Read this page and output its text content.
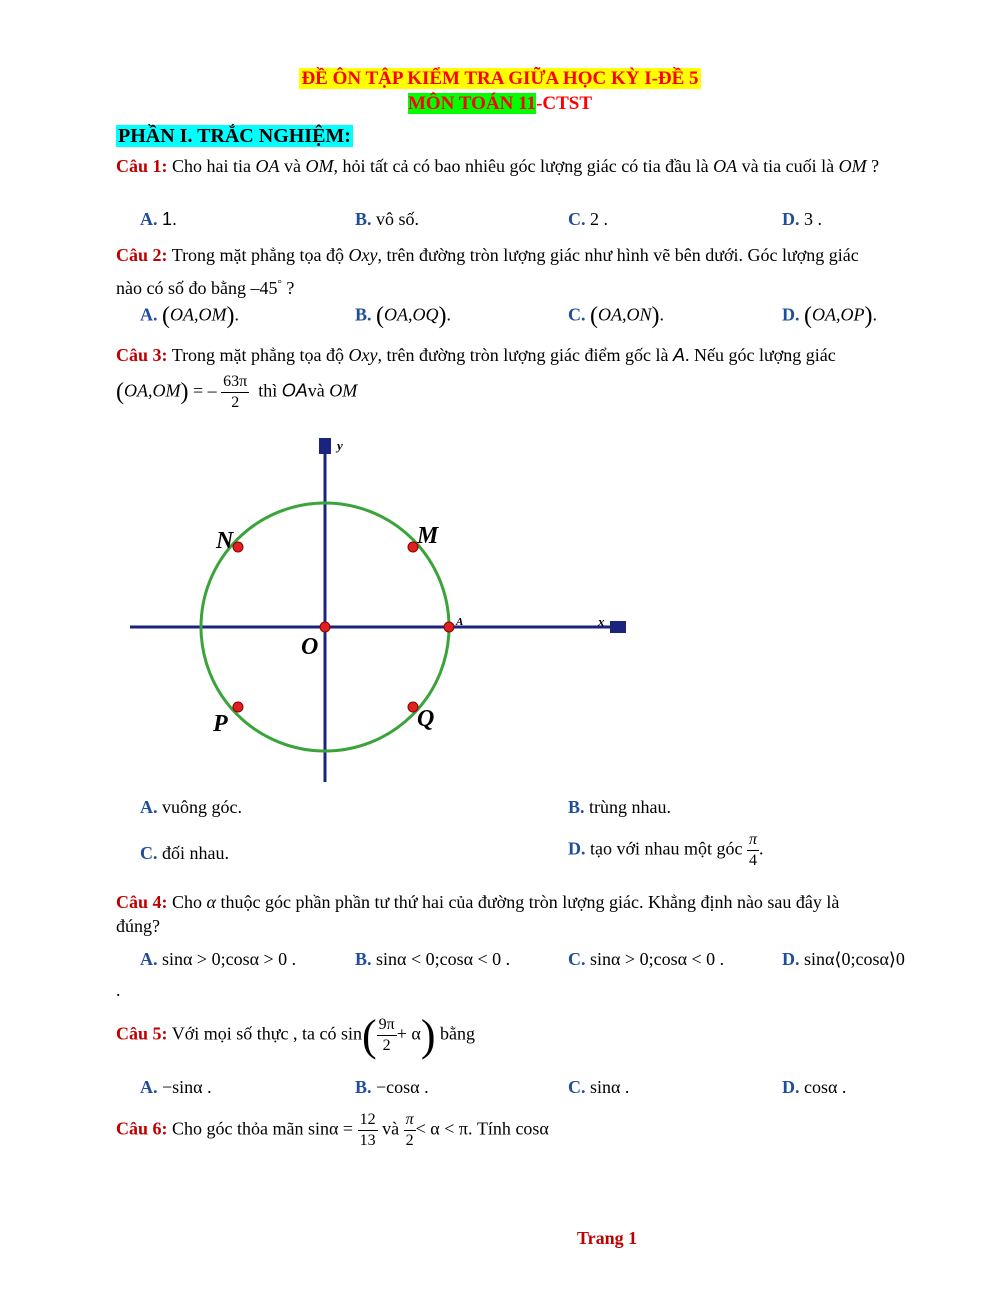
ĐỀ ÔN TẬP KIỂM TRA GIỮA HỌC KỲ I-ĐỀ 5
MÔN TOÁN 11-CTST
PHẦN I. TRẮC NGHIỆM:
Câu 1: Cho hai tia OA và OM, hỏi tất cả có bao nhiêu góc lượng giác có tia đầu là OA và tia cuối là OM ?
A. 1.	B. vô số.	C. 2 .	D. 3 .
Câu 2: Trong mặt phẳng tọa độ Oxy, trên đường tròn lượng giác như hình vẽ bên dưới. Góc lượng giác
nào có số đo bằng –45° ?
A. (OA,OM).	B. (OA,OQ).	C. (OA,ON).	D. (OA,OP).
Câu 3: Trong mặt phẳng tọa độ Oxy, trên đường tròn lượng giác điểm gốc là A. Nếu góc lượng giác
(OA,OM) = – $\frac{63\pi}{2}$ thì OAvà OM
y
x
O
N	M
A
P	Q
A. vuông góc.	B. trùng nhau.
C. đối nhau.	D. tạo với nhau một góc $\frac{\pi}{4}$ .
Câu 4: Cho α thuộc góc phần phần tư thứ hai của đường tròn lượng giác. Khẳng định nào sau đây là
đúng?
A. sinα > 0;cosα > 0 .	B. sinα < 0;cosα < 0 .	C. sinα > 0;cosα < 0 .	D. sinα⟨0;cosα⟩0
.
Câu 5: Với mọi số thực , ta có $\sin( \frac{9\pi}{2} + \alpha)$ bằng
A. −sinα .	B. −cosα .	C. sinα .	D. cosα .
Câu 6: Cho góc thỏa mãn $\sin\alpha = \frac{12}{13}$ và $\frac{\pi}{2} < \alpha < \pi$. Tính cosα
Trang 1
